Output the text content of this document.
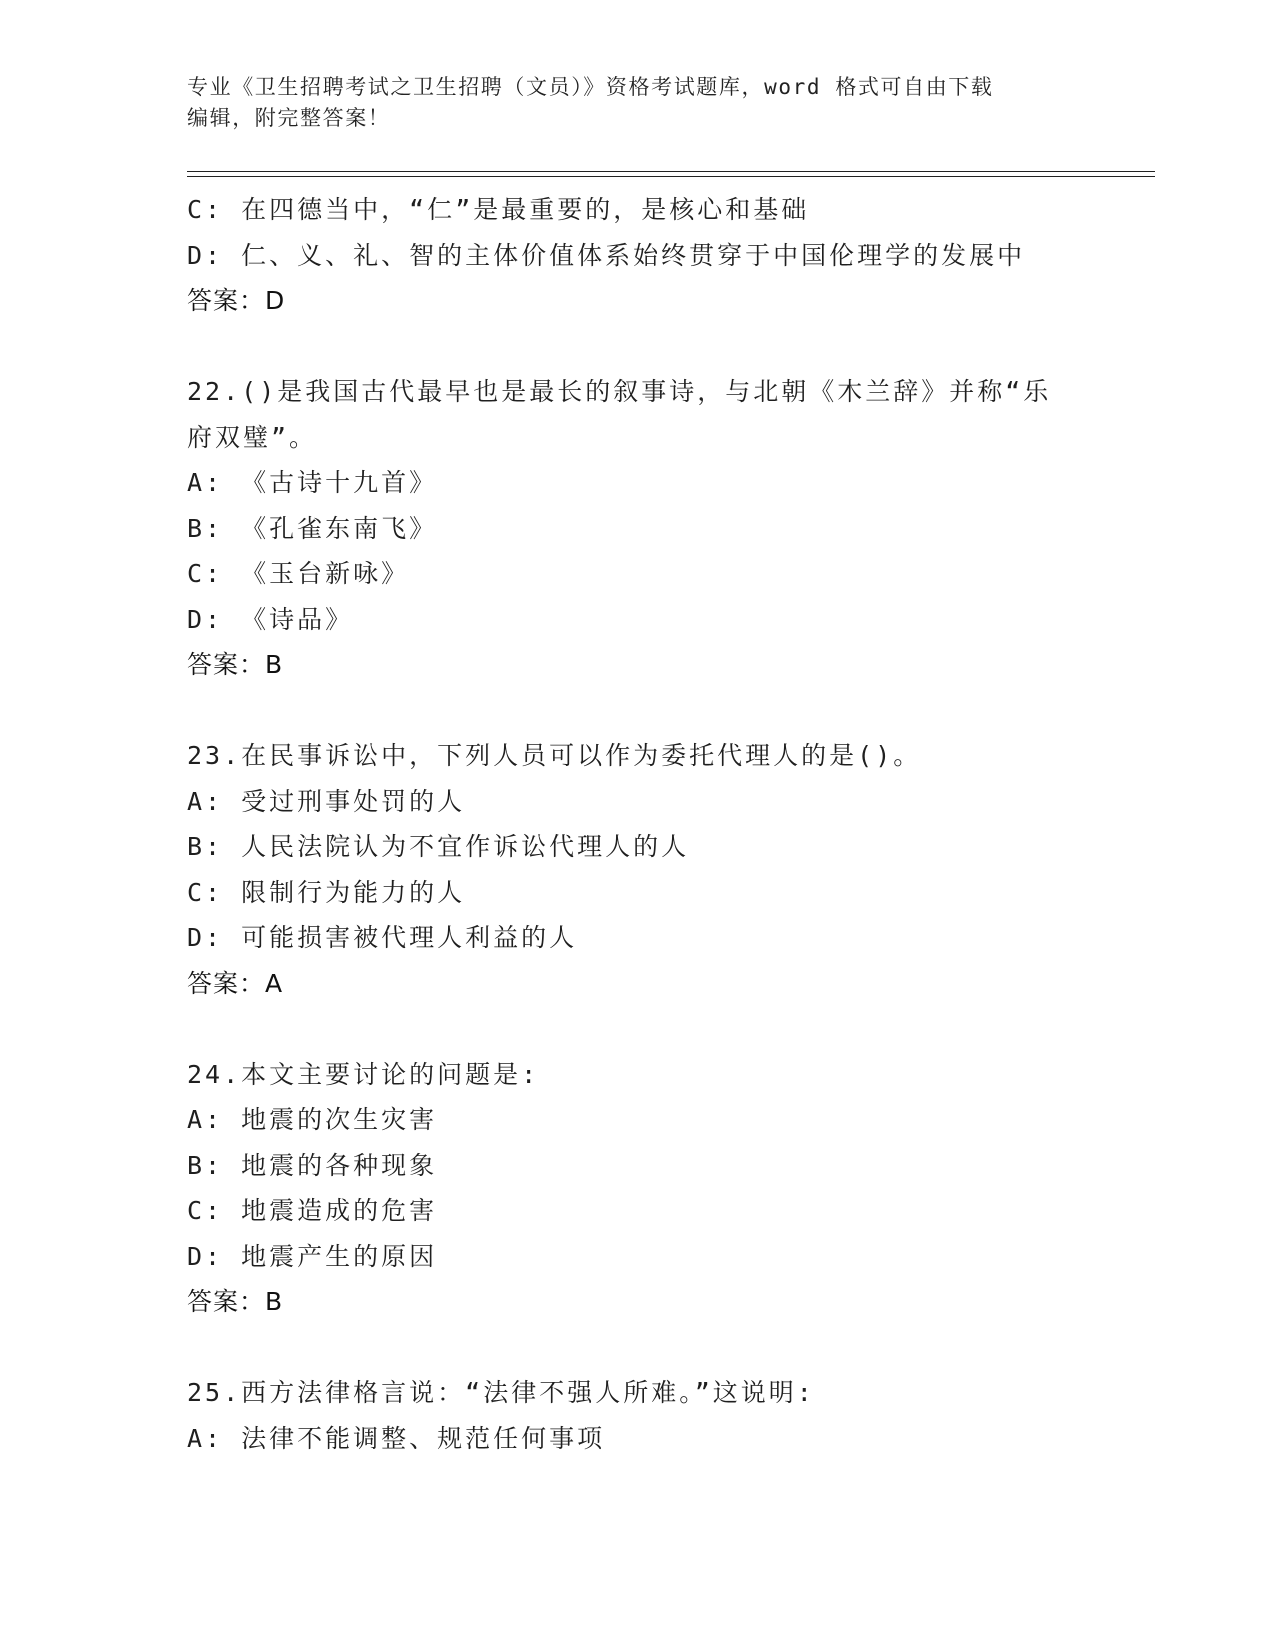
专业《卫生招聘考试之卫生招聘（文员）》资格考试题库，word 格式可自由下载
编辑，附完整答案！
C: 在四德当中，“仁”是最重要的，是核心和基础
D: 仁、义、礼、智的主体价值体系始终贯穿于中国伦理学的发展中
答案：D
22.()是我国古代最早也是最长的叙事诗，与北朝《木兰辞》并称“乐
府双璧”。
A: 《古诗十九首》
B: 《孔雀东南飞》
C: 《玉台新咏》
D: 《诗品》
答案：B
23.在民事诉讼中，下列人员可以作为委托代理人的是()。
A: 受过刑事处罚的人
B: 人民法院认为不宜作诉讼代理人的人
C: 限制行为能力的人
D: 可能损害被代理人利益的人
答案：A
24.本文主要讨论的问题是:
A: 地震的次生灾害
B: 地震的各种现象
C: 地震造成的危害
D: 地震产生的原因
答案：B
25.西方法律格言说：“法律不强人所难。”这说明:
A: 法律不能调整、规范任何事项
